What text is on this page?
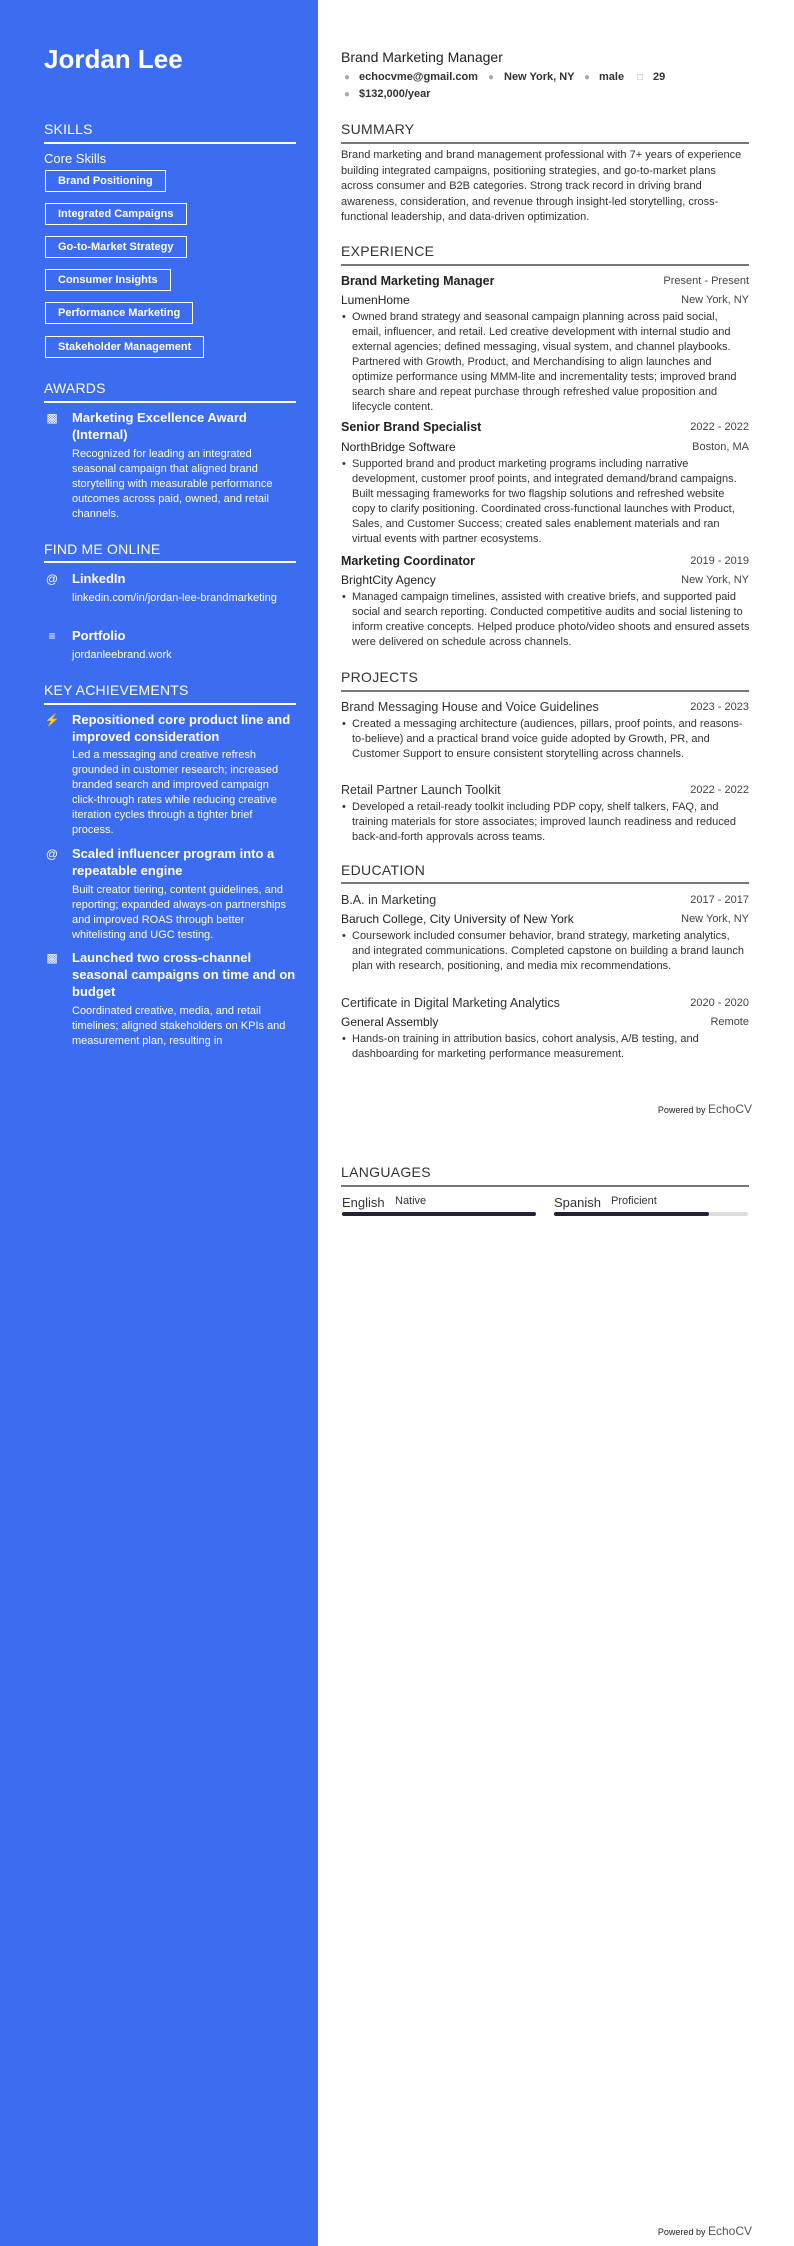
Jordan Lee
SKILLS
Core Skills
Brand Positioning
Integrated Campaigns
Go-to-Market Strategy
Consumer Insights
Performance Marketing
Stakeholder Management
AWARDS
▩ Marketing Excellence Award (Internal)
Recognized for leading an integrated seasonal campaign that aligned brand storytelling with measurable performance outcomes across paid, owned, and retail channels.
FIND ME ONLINE
@ LinkedIn
linkedin.com/in/jordan-lee-brandmarketing
≡	Portfolio
jordanleebrand.work
KEY ACHIEVEMENTS
⚡ Repositioned core product line and improved consideration
Led a messaging and creative refresh grounded in customer research; increased branded search and improved campaign click-through rates while reducing creative iteration cycles through a tighter brief process.
@ Scaled influencer program into a repeatable engine
Built creator tiering, content guidelines, and reporting; expanded always-on partnerships and improved ROAS through better whitelisting and UGC testing.
▩ Launched two cross-channel seasonal campaigns on time and on budget
Coordinated creative, media, and retail timelines; aligned stakeholders on KPIs and measurement plan, resulting in
Brand Marketing Manager
● echocvme@gmail.com ● New York, NY ● male □ 29
● $132,000/year
SUMMARY
Brand marketing and brand management professional with 7+ years of experience building integrated campaigns, positioning strategies, and go-to-market plans across consumer and B2B categories. Strong track record in driving brand awareness, consideration, and revenue through insight-led storytelling, cross-functional leadership, and data-driven optimization.
EXPERIENCE
Brand Marketing Manager	Present - Present
LumenHome	New York, NY
• Owned brand strategy and seasonal campaign planning across paid social, email, influencer, and retail. Led creative development with internal studio and external agencies; defined messaging, visual system, and channel playbooks. Partnered with Growth, Product, and Merchandising to align launches and optimize performance using MMM-lite and incrementality tests; improved brand search share and repeat purchase through refreshed value proposition and lifecycle content.
Senior Brand Specialist	2022 - 2022
NorthBridge Software	Boston, MA
• Supported brand and product marketing programs including narrative development, customer proof points, and integrated demand/brand campaigns. Built messaging frameworks for two flagship solutions and refreshed website copy to clarify positioning. Coordinated cross-functional launches with Product, Sales, and Customer Success; created sales enablement materials and ran virtual events with partner ecosystems.
Marketing Coordinator	2019 - 2019
BrightCity Agency	New York, NY
• Managed campaign timelines, assisted with creative briefs, and supported paid social and search reporting. Conducted competitive audits and social listening to inform creative concepts. Helped produce photo/video shoots and ensured assets were delivered on schedule across channels.
PROJECTS
Brand Messaging House and Voice Guidelines	2023 - 2023
• Created a messaging architecture (audiences, pillars, proof points, and reasons-to-believe) and a practical brand voice guide adopted by Growth, PR, and Customer Support to ensure consistent storytelling across channels.
Retail Partner Launch Toolkit	2022 - 2022
• Developed a retail-ready toolkit including PDP copy, shelf talkers, FAQ, and training materials for store associates; improved launch readiness and reduced back-and-forth approvals across teams.
EDUCATION
B.A. in Marketing	2017 - 2017
Baruch College, City University of New York	New York, NY
• Coursework included consumer behavior, brand strategy, marketing analytics, and integrated communications. Completed capstone on building a brand launch plan with research, positioning, and media mix recommendations.
Certificate in Digital Marketing Analytics	2020 - 2020
General Assembly	Remote
• Hands-on training in attribution basics, cohort analysis, A/B testing, and dashboarding for marketing performance measurement.
Powered by EchoCV
LANGUAGES
English Native	Spanish Proficient
Powered by EchoCV
